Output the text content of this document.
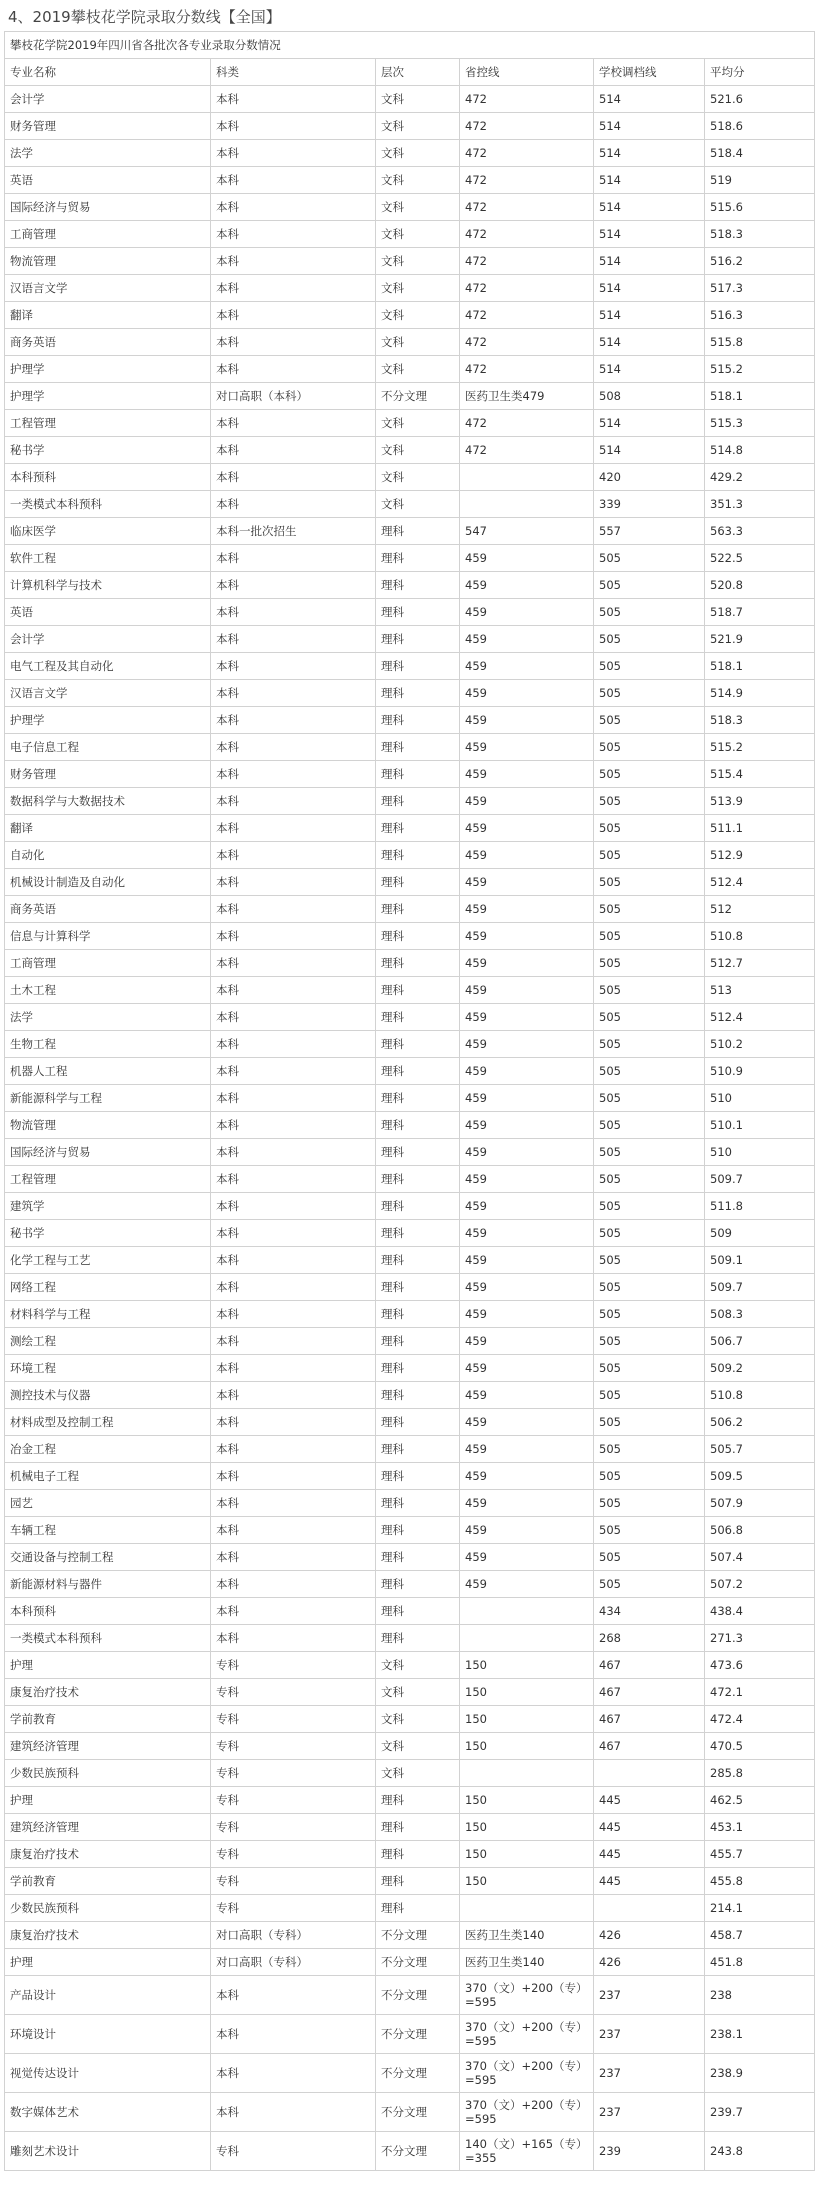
4、2019攀枝花学院录取分数线【全国】
攀枝花学院2019年四川省各批次各专业录取分数情况					
专业名称	科类	层次	省控线	学校调档线	平均分
会计学	本科	文科	472	514	521.6
财务管理	本科	文科	472	514	518.6
法学	本科	文科	472	514	518.4
英语	本科	文科	472	514	519
国际经济与贸易	本科	文科	472	514	515.6
工商管理	本科	文科	472	514	518.3
物流管理	本科	文科	472	514	516.2
汉语言文学	本科	文科	472	514	517.3
翻译	本科	文科	472	514	516.3
商务英语	本科	文科	472	514	515.8
护理学	本科	文科	472	514	515.2
护理学	对口高职（本科）	不分文理	医药卫生类479	508	518.1
工程管理	本科	文科	472	514	515.3
秘书学	本科	文科	472	514	514.8
本科预科	本科	文科		420	429.2
一类模式本科预科	本科	文科		339	351.3
临床医学	本科一批次招生	理科	547	557	563.3
软件工程	本科	理科	459	505	522.5
计算机科学与技术	本科	理科	459	505	520.8
英语	本科	理科	459	505	518.7
会计学	本科	理科	459	505	521.9
电气工程及其自动化	本科	理科	459	505	518.1
汉语言文学	本科	理科	459	505	514.9
护理学	本科	理科	459	505	518.3
电子信息工程	本科	理科	459	505	515.2
财务管理	本科	理科	459	505	515.4
数据科学与大数据技术	本科	理科	459	505	513.9
翻译	本科	理科	459	505	511.1
自动化	本科	理科	459	505	512.9
机械设计制造及自动化	本科	理科	459	505	512.4
商务英语	本科	理科	459	505	512
信息与计算科学	本科	理科	459	505	510.8
工商管理	本科	理科	459	505	512.7
土木工程	本科	理科	459	505	513
法学	本科	理科	459	505	512.4
生物工程	本科	理科	459	505	510.2
机器人工程	本科	理科	459	505	510.9
新能源科学与工程	本科	理科	459	505	510
物流管理	本科	理科	459	505	510.1
国际经济与贸易	本科	理科	459	505	510
工程管理	本科	理科	459	505	509.7
建筑学	本科	理科	459	505	511.8
秘书学	本科	理科	459	505	509
化学工程与工艺	本科	理科	459	505	509.1
网络工程	本科	理科	459	505	509.7
材料科学与工程	本科	理科	459	505	508.3
测绘工程	本科	理科	459	505	506.7
环境工程	本科	理科	459	505	509.2
测控技术与仪器	本科	理科	459	505	510.8
材料成型及控制工程	本科	理科	459	505	506.2
冶金工程	本科	理科	459	505	505.7
机械电子工程	本科	理科	459	505	509.5
园艺	本科	理科	459	505	507.9
车辆工程	本科	理科	459	505	506.8
交通设备与控制工程	本科	理科	459	505	507.4
新能源材料与器件	本科	理科	459	505	507.2
本科预科	本科	理科		434	438.4
一类模式本科预科	本科	理科		268	271.3
护理	专科	文科	150	467	473.6
康复治疗技术	专科	文科	150	467	472.1
学前教育	专科	文科	150	467	472.4
建筑经济管理	专科	文科	150	467	470.5
少数民族预科	专科	文科			285.8
护理	专科	理科	150	445	462.5
建筑经济管理	专科	理科	150	445	453.1
康复治疗技术	专科	理科	150	445	455.7
学前教育	专科	理科	150	445	455.8
少数民族预科	专科	理科			214.1
康复治疗技术	对口高职（专科）	不分文理	医药卫生类140	426	458.7
护理	对口高职（专科）	不分文理	医药卫生类140	426	451.8
产品设计	本科	不分文理	370（文）+200（专）=595	237	238
环境设计	本科	不分文理	370（文）+200（专）=595	237	238.1
视觉传达设计	本科	不分文理	370（文）+200（专）=595	237	238.9
数字媒体艺术	本科	不分文理	370（文）+200（专）=595	237	239.7
雕刻艺术设计	专科	不分文理	140（文）+165（专）=355	239	243.8
